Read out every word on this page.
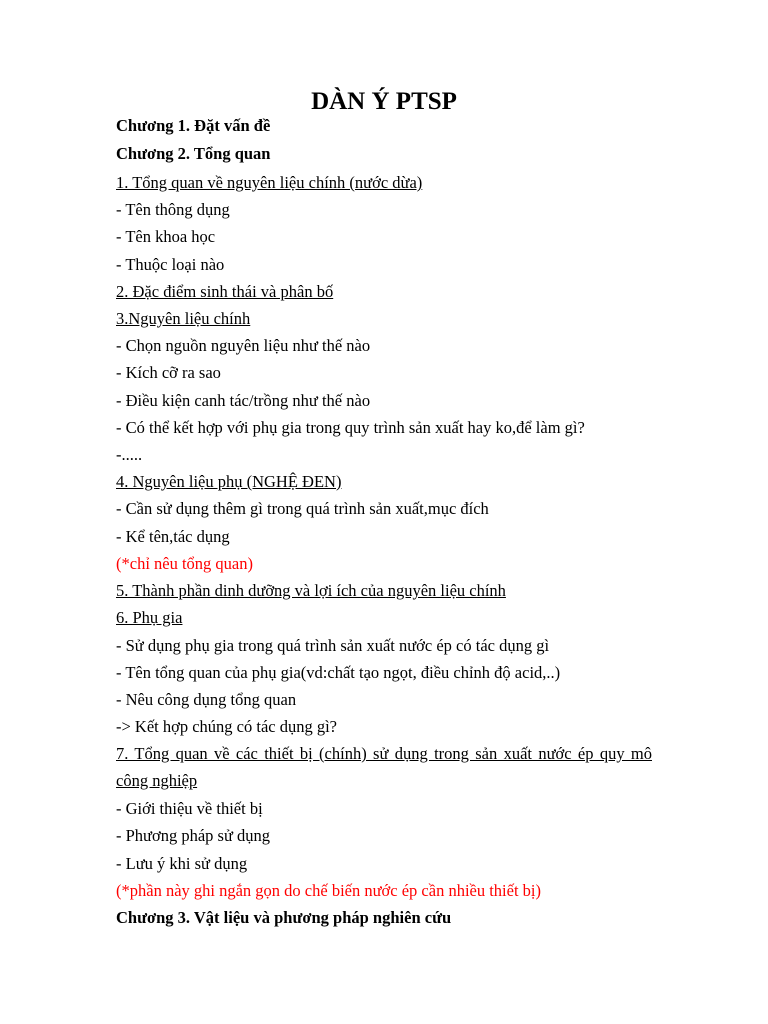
DÀN Ý PTSP

Chương 1. Đặt vấn đề

Chương 2. Tổng quan

1. Tổng quan về nguyên liệu chính (nước dừa)

- Tên thông dụng

- Tên khoa học

- Thuộc loại nào

2. Đặc điểm sinh thái và phân bố

3.Nguyên liệu chính

- Chọn nguồn nguyên liệu như thế nào

- Kích cỡ ra sao

- Điều kiện canh tác/trồng như thế nào

- Có thể kết hợp với phụ gia trong quy trình sản xuất hay ko,để làm gì?

-.....

4. Nguyên liệu phụ (NGHỆ ĐEN)

- Cần sử dụng thêm gì trong quá trình sản xuất,mục đích

- Kể tên,tác dụng

(*chỉ nêu tổng quan)

5. Thành phần dinh dưỡng và lợi ích của nguyên liệu chính

6. Phụ gia

- Sử dụng phụ gia trong quá trình sản xuất nước ép có tác dụng gì

- Tên tổng quan của phụ gia(vd:chất tạo ngọt, điều chỉnh độ acid,..)

- Nêu công dụng tổng quan

-> Kết hợp chúng có tác dụng gì?

7. Tổng quan về các thiết bị (chính) sử dụng trong sản xuất nước ép quy mô công nghiệp

- Giới thiệu về thiết bị

- Phương pháp sử dụng

- Lưu ý khi sử dụng

(*phần này ghi ngắn gọn do chế biến nước ép cần nhiều thiết bị)

Chương 3. Vật liệu và phương pháp nghiên cứu
